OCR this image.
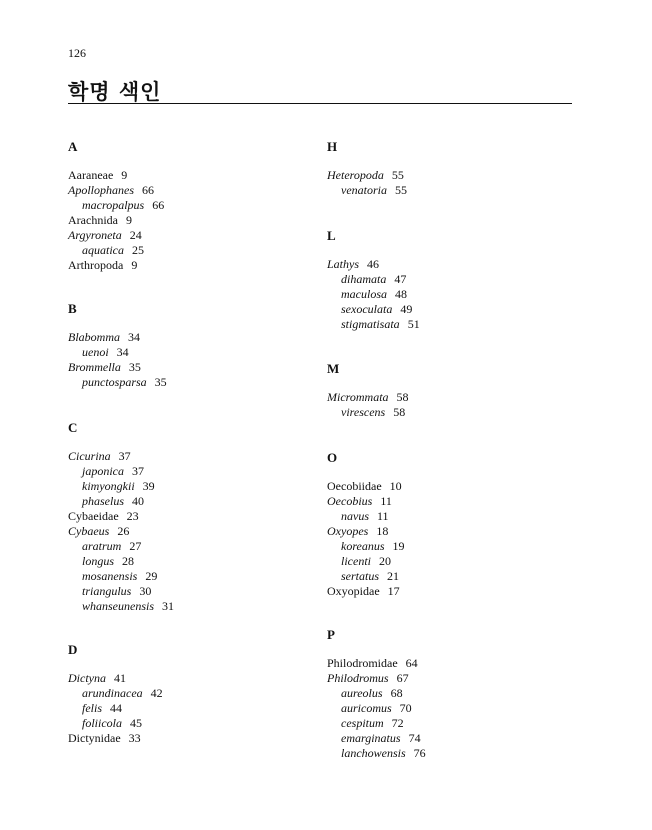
126
학명 색인
A
Aaraneae 9
Apollophanes 66
macropalpus 66
Arachnida 9
Argyroneta 24
aquatica 25
Arthropoda 9
B
Blabomma 34
uenoi 34
Brommella 35
punctosparsa 35
C
Cicurina 37
japonica 37
kimyongkii 39
phaselus 40
Cybaeidae 23
Cybaeus 26
aratrum 27
longus 28
mosanensis 29
triangulus 30
whanseunensis 31
D
Dictyna 41
arundinacea 42
felis 44
foliicola 45
Dictynidae 33
H
Heteropoda 55
venatoria 55
L
Lathys 46
dihamata 47
maculosa 48
sexoculata 49
stigmatisata 51
M
Micrommata 58
virescens 58
O
Oecobiidae 10
Oecobius 11
navus 11
Oxyopes 18
koreanus 19
licenti 20
sertatus 21
Oxyopidae 17
P
Philodromidae 64
Philodromus 67
aureolus 68
auricomus 70
cespitum 72
emarginatus 74
lanchowensis 76
